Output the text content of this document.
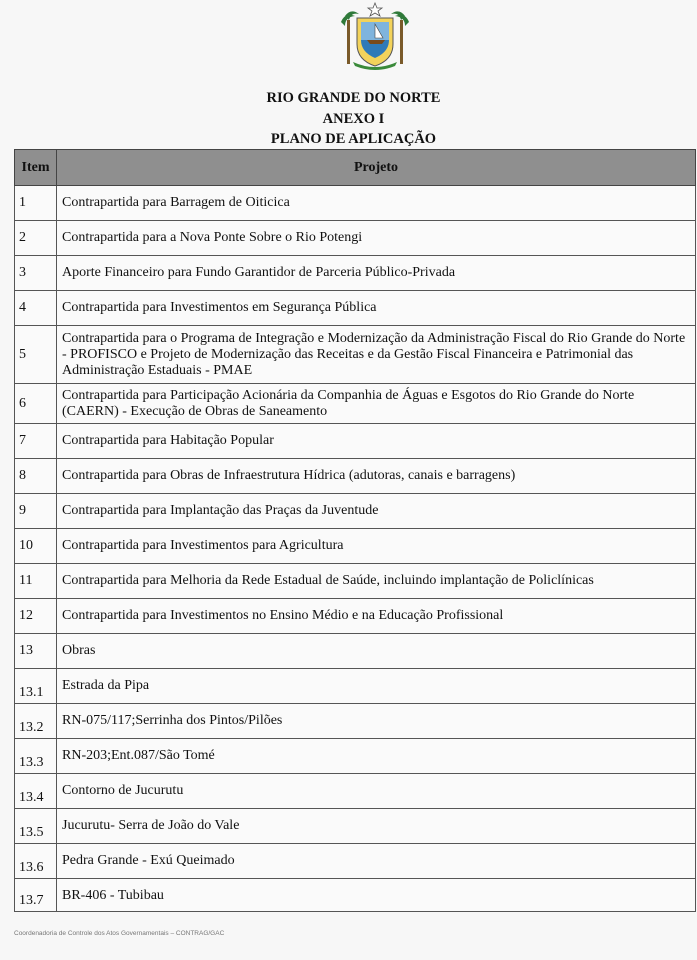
RIO GRANDE DO NORTE
ANEXO I
PLANO DE APLICAÇÃO
Item	Projeto
1	Contrapartida para Barragem de Oiticica
2	Contrapartida para a Nova Ponte Sobre o Rio Potengi
3	Aporte Financeiro para Fundo Garantidor de Parceria Público-Privada
4	Contrapartida para Investimentos em Segurança Pública
5	Contrapartida para o Programa de Integração e Modernização da Administração Fiscal do Rio Grande do Norte - PROFISCO e Projeto de Modernização das Receitas e da Gestão Fiscal Financeira e Patrimonial das Administração Estaduais - PMAE
6	Contrapartida para Participação Acionária da Companhia de Águas e Esgotos do Rio Grande do Norte (CAERN) - Execução de Obras de Saneamento
7	Contrapartida para Habitação Popular
8	Contrapartida para Obras de Infraestrutura Hídrica (adutoras, canais e barragens)
9	Contrapartida para Implantação das Praças da Juventude
10	Contrapartida para Investimentos para Agricultura
11	Contrapartida para Melhoria da Rede Estadual de Saúde, incluindo implantação de Policlínicas
12	Contrapartida para Investimentos no Ensino Médio e na Educação Profissional
13	Obras
13.1	Estrada da Pipa
13.2	RN-075/117;Serrinha dos Pintos/Pilões
13.3	RN-203;Ent.087/São Tomé
13.4	Contorno de Jucurutu
13.5	Jucurutu- Serra de João do Vale
13.6	Pedra Grande - Exú Queimado
13.7	BR-406 - Tubibau
Coordenadoria de Controle dos Atos Governamentais – CONTRAG/GAC
